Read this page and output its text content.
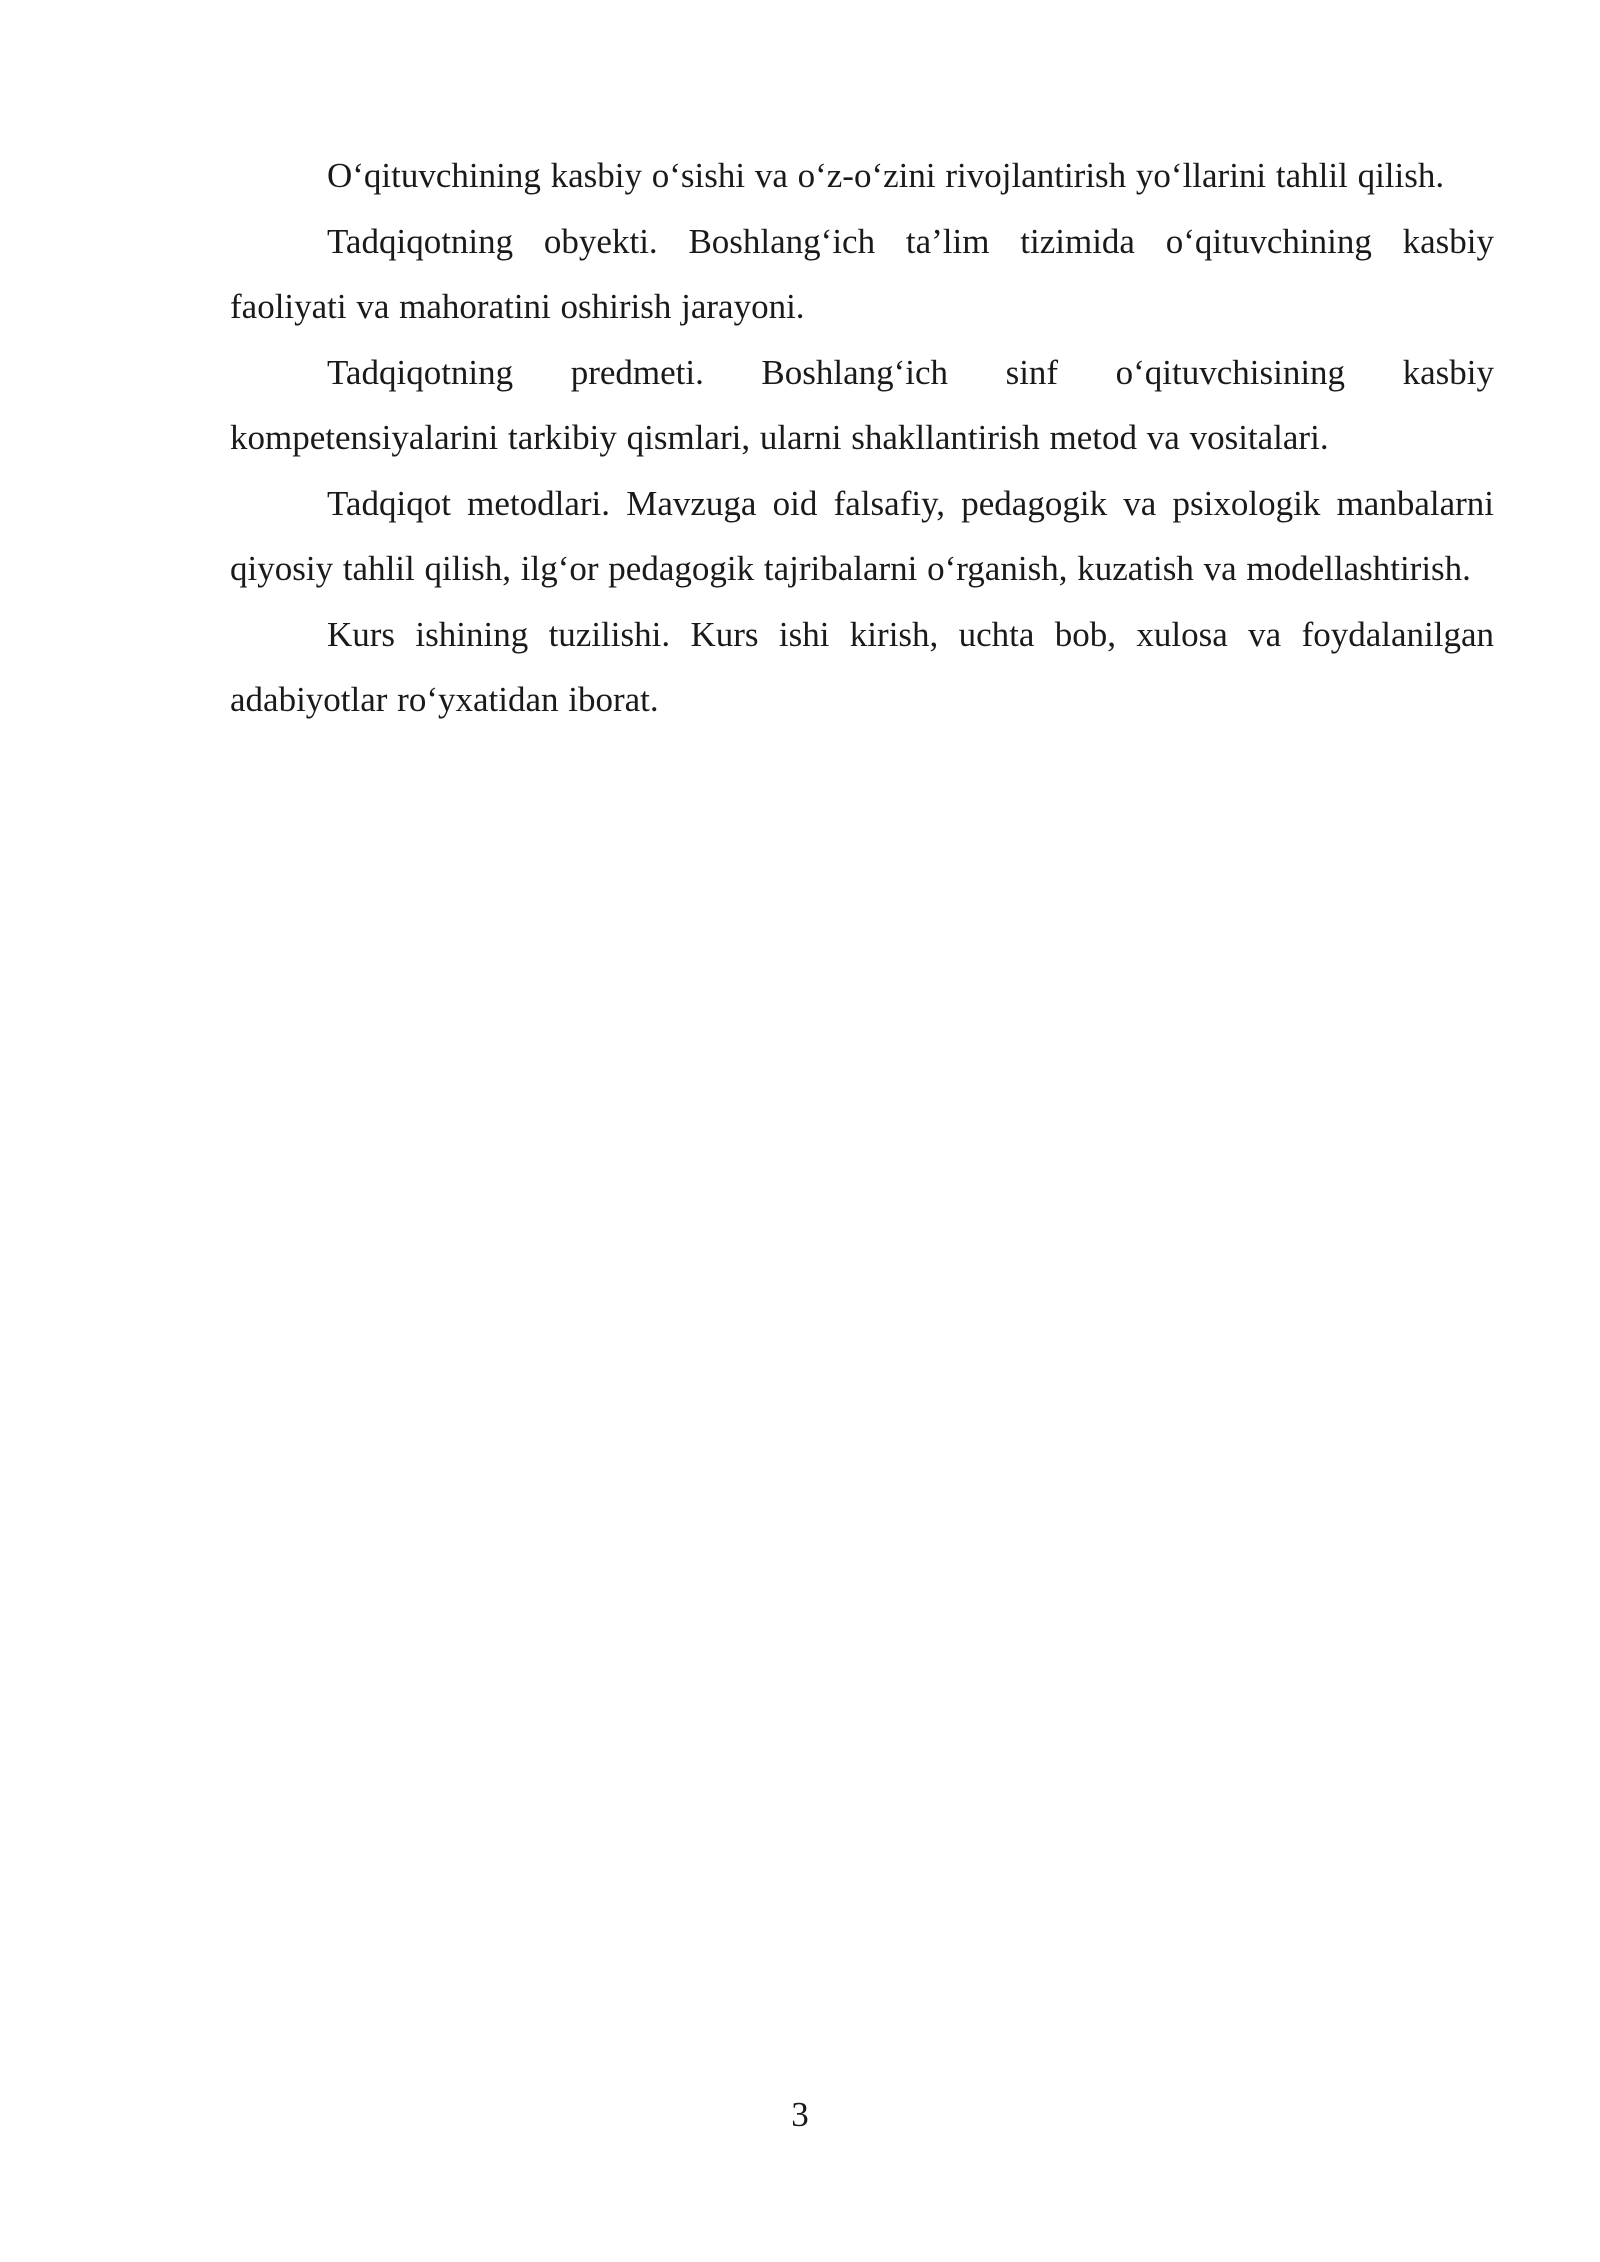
O‘qituvchining kasbiy o‘sishi va o‘z-o‘zini rivojlantirish yo‘llarini tahlil qilish.

Tadqiqotning obyekti. Boshlang‘ich ta’lim tizimida o‘qituvchining kasbiy faoliyati va mahoratini oshirish jarayoni.

Tadqiqotning predmeti. Boshlang‘ich sinf o‘qituvchisining kasbiy kompetensiyalarini tarkibiy qismlari, ularni shakllantirish metod va vositalari.

Tadqiqot metodlari. Mavzuga oid falsafiy, pedagogik va psixologik manbalarni qiyosiy tahlil qilish, ilg‘or pedagogik tajribalarni o‘rganish, kuzatish va modellashtirish.

Kurs ishining tuzilishi. Kurs ishi kirish, uchta bob, xulosa va foydalanilgan adabiyotlar ro‘yxatidan iborat.

3
